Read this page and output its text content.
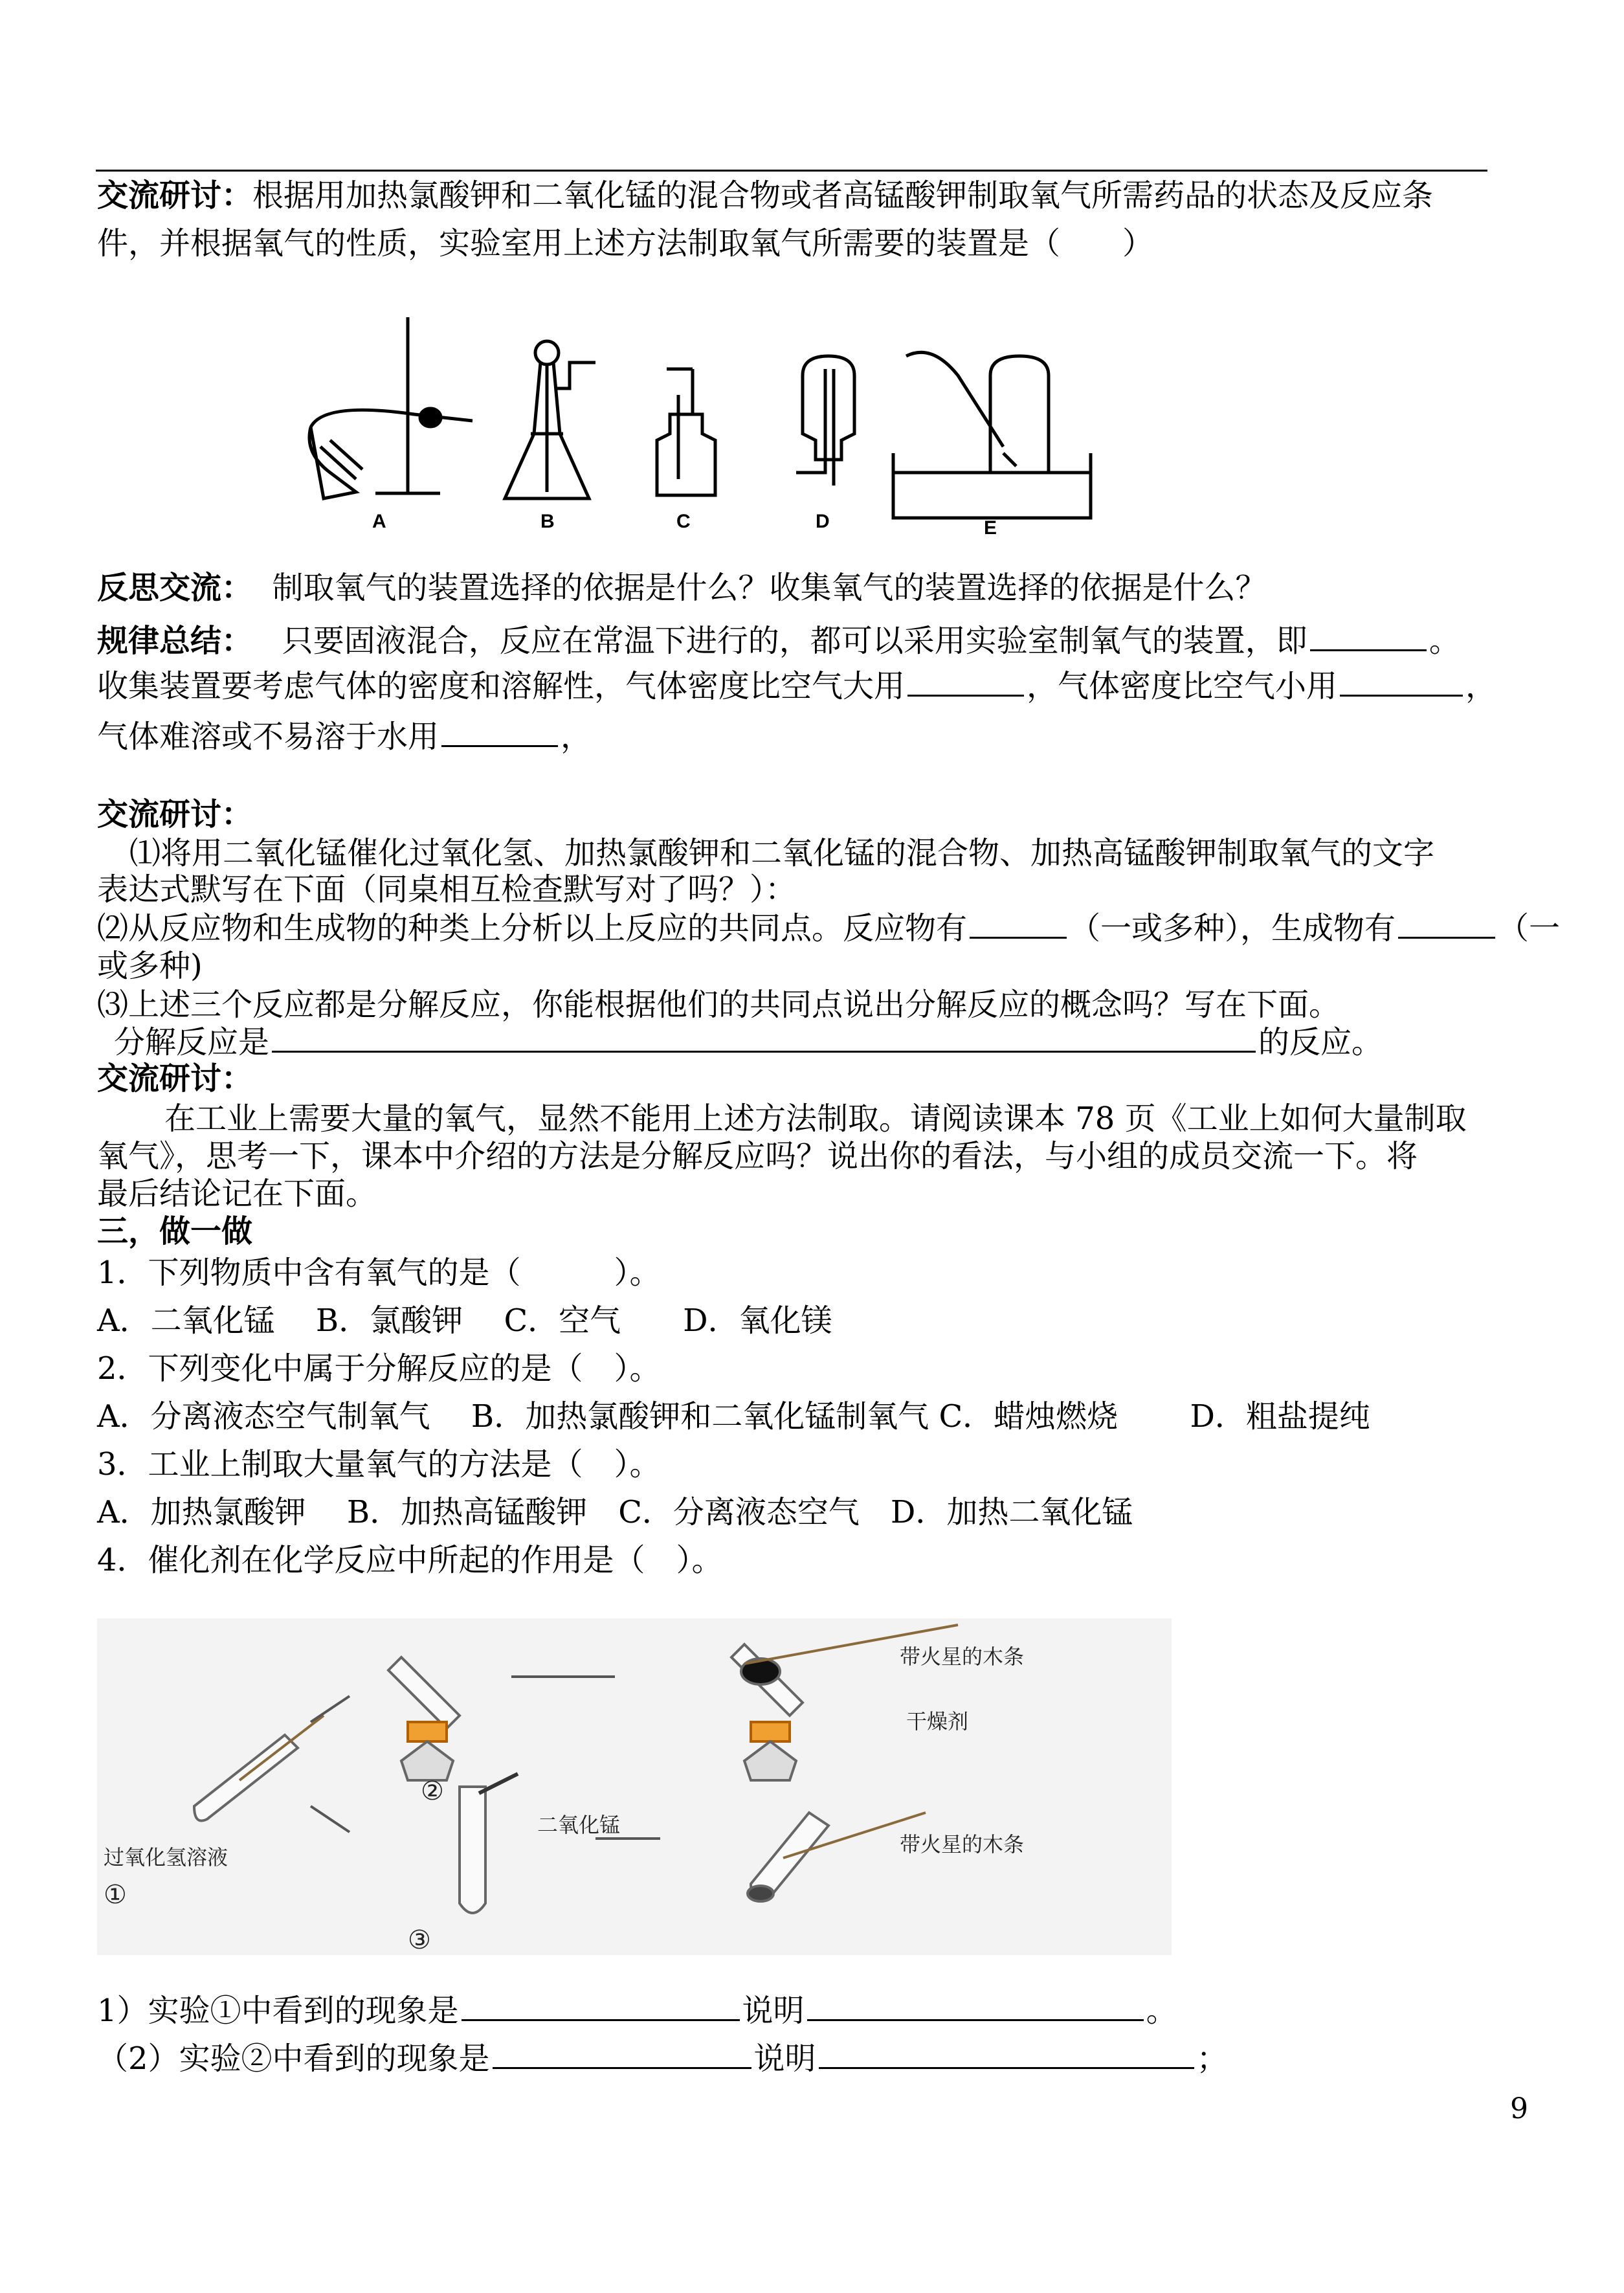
交流研讨：根据用加热氯酸钾和二氧化锰的混合物或者高锰酸钾制取氧气所需药品的状态及反应条
件，并根据氧气的性质，实验室用上述方法制取氧气所需要的装置是（　　）
A	B	C	D	E
反思交流： 制取氧气的装置选择的依据是什么？收集氧气的装置选择的依据是什么？
规律总结： 只要固液混合，反应在常温下进行的，都可以采用实验室制氧气的装置，即	。
收集装置要考虑气体的密度和溶解性，气体密度比空气大用	，气体密度比空气小用	，
气体难溶或不易溶于水用	，
交流研讨：
⑴将用二氧化锰催化过氧化氢、加热氯酸钾和二氧化锰的混合物、加热高锰酸钾制取氧气的文字
表达式默写在下面（同桌相互检查默写对了吗？）：
⑵从反应物和生成物的种类上分析以上反应的共同点。反应物有	（一或多种），生成物有	（一
或多种)
⑶上述三个反应都是分解反应，你能根据他们的共同点说出分解反应的概念吗？写在下面。
分解反应是	的反应。
交流研讨：
在工业上需要大量的氧气，显然不能用上述方法制取。请阅读课本 78 页《工业上如何大量制取
氧气》，思考一下，课本中介绍的方法是分解反应吗？说出你的看法，与小组的成员交流一下。将
最后结论记在下面。
三，做一做
1．下列物质中含有氧气的是（　　　）。
A．二氧化锰　 B．氯酸钾　 C．空气　　D．氧化镁
2．下列变化中属于分解反应的是（　）。
A．分离液态空气制氧气　 B．加热氯酸钾和二氧化锰制氧气 C．蜡烛燃烧　　 D．粗盐提纯
3．工业上制取大量氧气的方法是（　）。
A．加热氯酸钾　 B．加热高锰酸钾　C．分离液态空气　D．加热二氧化锰
4．催化剂在化学反应中所起的作用是（　）。
带火星的木条
干燥剂
二氧化锰
带火星的木条
过氧化氢溶液
①
②
③
1）实验①中看到的现象是	说明	。
（2）实验②中看到的现象是	说明	；
9
